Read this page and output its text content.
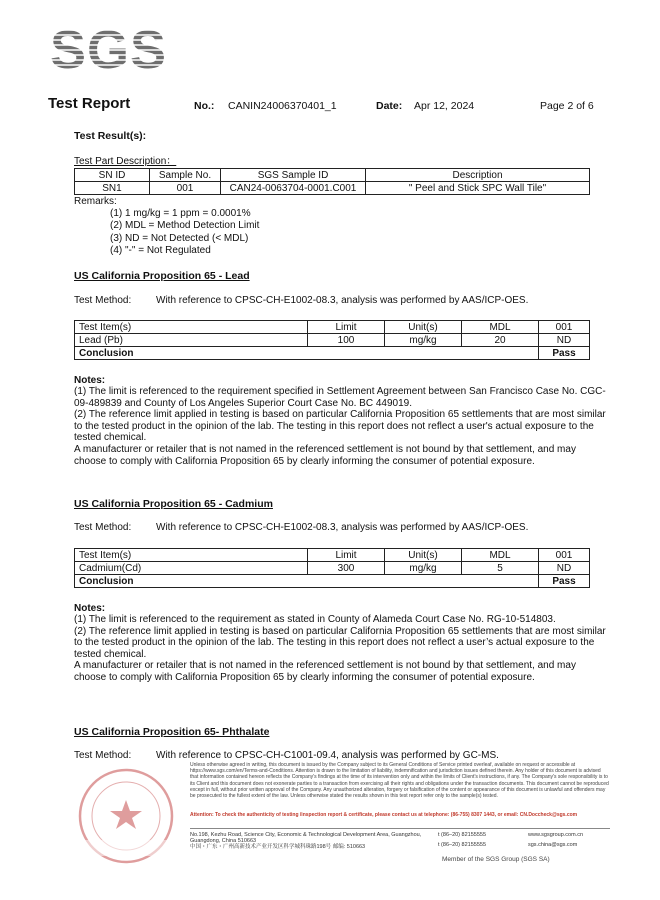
SGS
Test Report	No.: CANIN24006370401_1	Date: Apr 12, 2024	Page 2 of 6
Test Result(s):
Test Part Description：
SN ID	Sample No.	SGS Sample ID	Description
SN1	001	CAN24-0063704-0001.C001	" Peel and Stick SPC Wall Tile"
Remarks:
(1) 1 mg/kg = 1 ppm = 0.0001%
(2) MDL = Method Detection Limit
(3) ND = Not Detected (< MDL)
(4) "-" = Not Regulated
US California Proposition 65 - Lead
Test Method: With reference to CPSC-CH-E1002-08.3, analysis was performed by AAS/ICP-OES.
Test Item(s)	Limit	Unit(s)	MDL	001
Lead (Pb)	100	mg/kg	20	ND
Conclusion				Pass
Notes:
(1) The limit is referenced to the requirement specified in Settlement Agreement between San Francisco Case No. CGC-09-489839 and County of Los Angeles Superior Court Case No. BC 449019.
(2) The reference limit applied in testing is based on particular California Proposition 65 settlements that are most similar to the tested product in the opinion of the lab. The testing in this report does not reflect a user's actual exposure to the tested chemical.
A manufacturer or retailer that is not named in the referenced settlement is not bound by that settlement, and may choose to comply with California Proposition 65 by clearly informing the consumer of potential exposure.
US California Proposition 65 - Cadmium
Test Method: With reference to CPSC-CH-E1002-08.3, analysis was performed by AAS/ICP-OES.
Test Item(s)	Limit	Unit(s)	MDL	001
Cadmium(Cd)	300	mg/kg	5	ND
Conclusion				Pass
Notes:
(1) The limit is referenced to the requirement as stated in County of Alameda Court Case No. RG-10-514803.
(2) The reference limit applied in testing is based on particular California Proposition 65 settlements that are most similar to the tested product in the opinion of the lab. The testing in this report does not reflect a user’s actual exposure to the tested chemical.
A manufacturer or retailer that is not named in the referenced settlement is not bound by that settlement, and may choose to comply with California Proposition 65 by clearly informing the consumer of potential exposure.
US California Proposition 65- Phthalate
Test Method: With reference to CPSC-CH-C1001-09.4, analysis was performed by GC-MS.
Unless otherwise agreed in writing, this document is issued by the Company subject to its General Conditions of Service printed overleaf, available on request or accessible at https://www.sgs.com/en/Terms-and-Conditions. Attention is drawn to the limitation of liability, indemnification and jurisdiction issues defined therein. Any holder of this document is advised that information contained hereon reflects the Company's findings at the time of its intervention only and within the limits of Client's instructions, if any. The Company's sole responsibility is to its Client and this document does not exonerate parties to a transaction from exercising all their rights and obligations under the transaction documents. This document cannot be reproduced except in full, without prior written approval of the Company. Any unauthorized alteration, forgery or falsification of the content or appearance of this document is unlawful and offenders may be prosecuted to the fullest extent of the law. Unless otherwise stated the results shown in this test report refer only to the sample(s) tested.
Attention: To check the authenticity of testing /inspection report & certificate, please contact us at telephone: (86-755) 8307 1443, or email: CN.Doccheck@sgs.com
No.198, Kezhu Road, Science City, Economic & Technological Development Area, Guangzhou, Guangdong, China 510663
中国・广东・广州高新技术产业开发区科学城科珠路198号 邮编: 510663
t (86–20) 82155555
t (86–20) 82155555
www.sgsgroup.com.cn
sgs.china@sgs.com
Member of the SGS Group (SGS SA)
